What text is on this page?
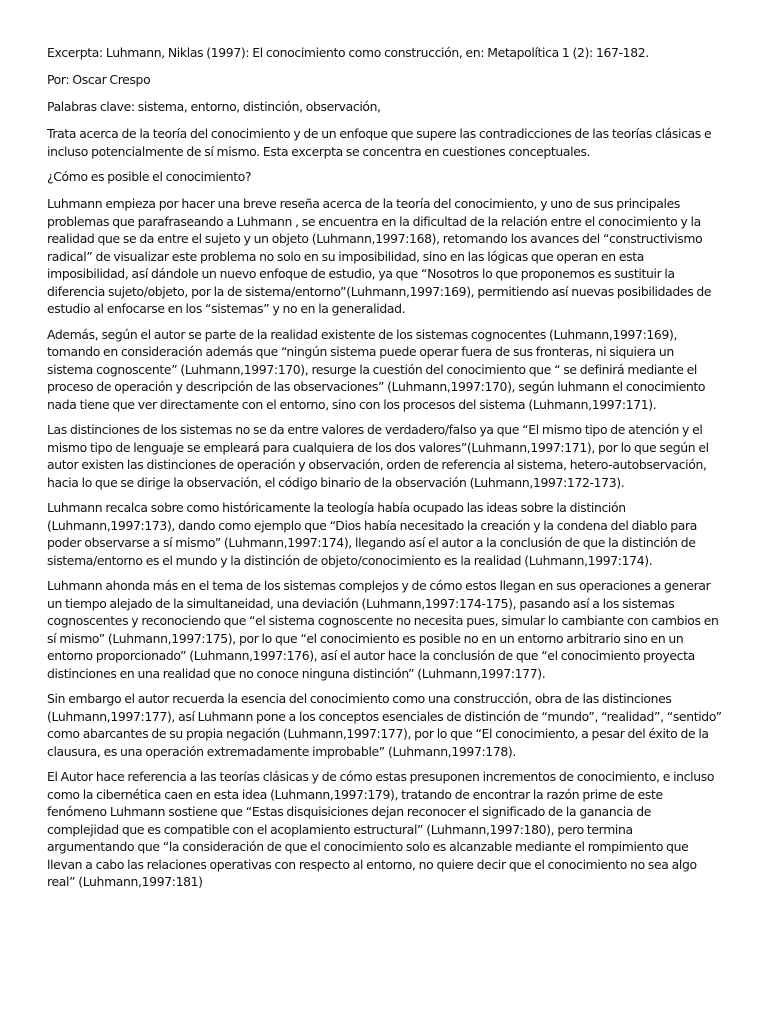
Excerpta: Luhmann, Niklas (1997): El conocimiento como construcción, en: Metapolítica 1 (2): 167-182.

Por: Oscar Crespo

Palabras clave: sistema, entorno, distinción, observación,

Trata acerca de la teoría del conocimiento y de un enfoque que supere las contradicciones de las teorías clásicas e incluso potencialmente de sí mismo. Esta excerpta se concentra en cuestiones conceptuales.

¿Cómo es posible el conocimiento?

Luhmann empieza por hacer una breve reseña acerca de la teoría del conocimiento, y uno de sus principales problemas que parafraseando a Luhmann , se encuentra en la dificultad de la relación entre el conocimiento y la realidad que se da entre el sujeto y un objeto (Luhmann,1997:168), retomando los avances del “constructivismo radical” de visualizar este problema no solo en su imposibilidad, sino en las lógicas que operan en esta imposibilidad, así dándole un nuevo enfoque de estudio, ya que “Nosotros lo que proponemos es sustituir la diferencia sujeto/objeto, por la de sistema/entorno”(Luhmann,1997:169), permitiendo así nuevas posibilidades de estudio al enfocarse en los “sistemas” y no en la generalidad.

Además, según el autor se parte de la realidad existente de los sistemas cognocentes (Luhmann,1997:169), tomando en consideración además que “ningún sistema puede operar fuera de sus fronteras, ni siquiera un sistema cognoscente” (Luhmann,1997:170), resurge la cuestión del conocimiento que “ se definirá mediante el proceso de operación y descripción de las observaciones” (Luhmann,1997:170), según luhmann el conocimiento nada tiene que ver directamente con el entorno, sino con los procesos del sistema (Luhmann,1997:171).

Las distinciones de los sistemas no se da entre valores de verdadero/falso ya que “El mismo tipo de atención y el mismo tipo de lenguaje se empleará para cualquiera de los dos valores”(Luhmann,1997:171), por lo que según el autor existen las distinciones de operación y observación, orden de referencia al sistema, hetero-autobservación, hacia lo que se dirige la observación, el código binario de la observación (Luhmann,1997:172-173).

Luhmann recalca sobre como históricamente la teología había ocupado las ideas sobre la distinción (Luhmann,1997:173), dando como ejemplo que “Dios había necesitado la creación y la condena del diablo para poder observarse a sí mismo” (Luhmann,1997:174), llegando así el autor a la conclusión de que la distinción de sistema/entorno es el mundo y la distinción de objeto/conocimiento es la realidad (Luhmann,1997:174).

Luhmann ahonda más en el tema de los sistemas complejos y de cómo estos llegan en sus operaciones a generar un tiempo alejado de la simultaneidad, una deviación (Luhmann,1997:174-175), pasando así a los sistemas cognoscentes y reconociendo que “el sistema cognoscente no necesita pues, simular lo cambiante con cambios en sí mismo” (Luhmann,1997:175), por lo que “el conocimiento es posible no en un entorno arbitrario sino en un entorno proporcionado” (Luhmann,1997:176), así el autor hace la conclusión de que “el conocimiento proyecta distinciones en una realidad que no conoce ninguna distinción” (Luhmann,1997:177).

Sin embargo el autor recuerda la esencia del conocimiento como una construcción, obra de las distinciones (Luhmann,1997:177), así Luhmann pone a los conceptos esenciales de distinción de “mundo”, “realidad”, “sentido” como abarcantes de su propia negación (Luhmann,1997:177), por lo que “El conocimiento, a pesar del éxito de la clausura, es una operación extremadamente improbable” (Luhmann,1997:178).

El Autor hace referencia a las teorías clásicas y de cómo estas presuponen incrementos de conocimiento, e incluso como la cibernética caen en esta idea (Luhmann,1997:179), tratando de encontrar la razón prime de este fenómeno Luhmann sostiene que “Estas disquisiciones dejan reconocer el significado de la ganancia de complejidad que es compatible con el acoplamiento estructural” (Luhmann,1997:180), pero termina argumentando que “la consideración de que el conocimiento solo es alcanzable mediante el rompimiento que llevan a cabo las relaciones operativas con respecto al entorno, no quiere decir que el conocimiento no sea algo real” (Luhmann,1997:181)
